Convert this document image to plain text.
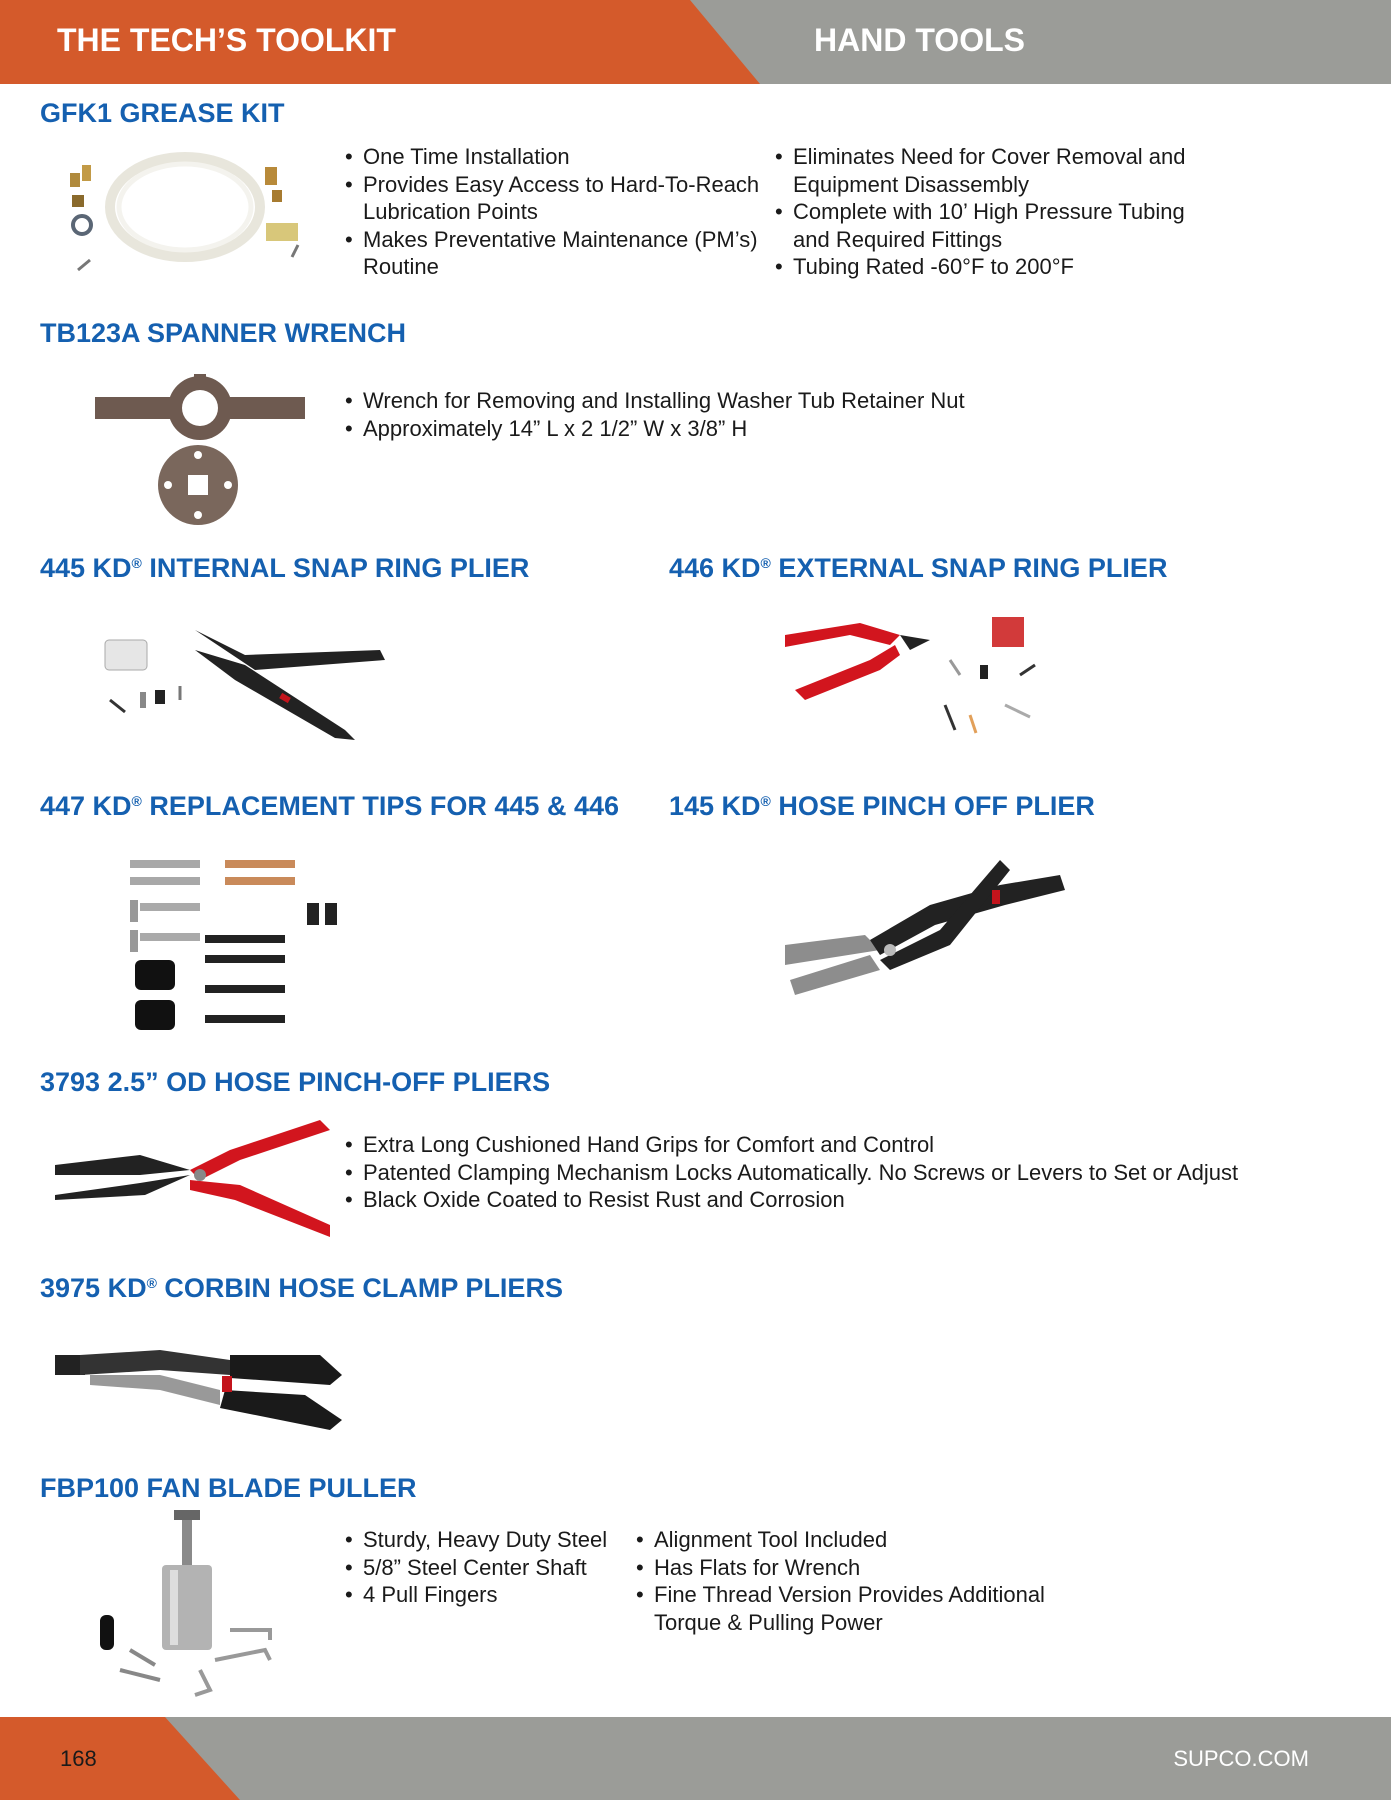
THE TECH’S TOOLKIT	HAND TOOLS
GFK1 GREASE KIT
• One Time Installation
• Provides Easy Access to Hard-To-Reach Lubrication Points
• Makes Preventative Maintenance (PM’s) Routine
• Eliminates Need for Cover Removal and Equipment Disassembly
• Complete with 10’ High Pressure Tubing and Required Fittings
• Tubing Rated -60°F to 200°F
TB123A SPANNER WRENCH
• Wrench for Removing and Installing Washer Tub Retainer Nut
• Approximately 14” L x 2 1/2” W x 3/8” H
445 KD® INTERNAL SNAP RING PLIER	446 KD® EXTERNAL SNAP RING PLIER
447 KD® REPLACEMENT TIPS FOR 445 & 446 145 KD® HOSE PINCH OFF PLIER
3793 2.5” OD HOSE PINCH-OFF PLIERS
• Extra Long Cushioned Hand Grips for Comfort and Control
• Patented Clamping Mechanism Locks Automatically. No Screws or Levers to Set or Adjust
• Black Oxide Coated to Resist Rust and Corrosion
3975 KD® CORBIN HOSE CLAMP PLIERS
FBP100 FAN BLADE PULLER
• Sturdy, Heavy Duty Steel
• 5/8” Steel Center Shaft
• 4 Pull Fingers
• Alignment Tool Included
• Has Flats for Wrench
• Fine Thread Version Provides Additional Torque & Pulling Power
168	SUPCO.COM
